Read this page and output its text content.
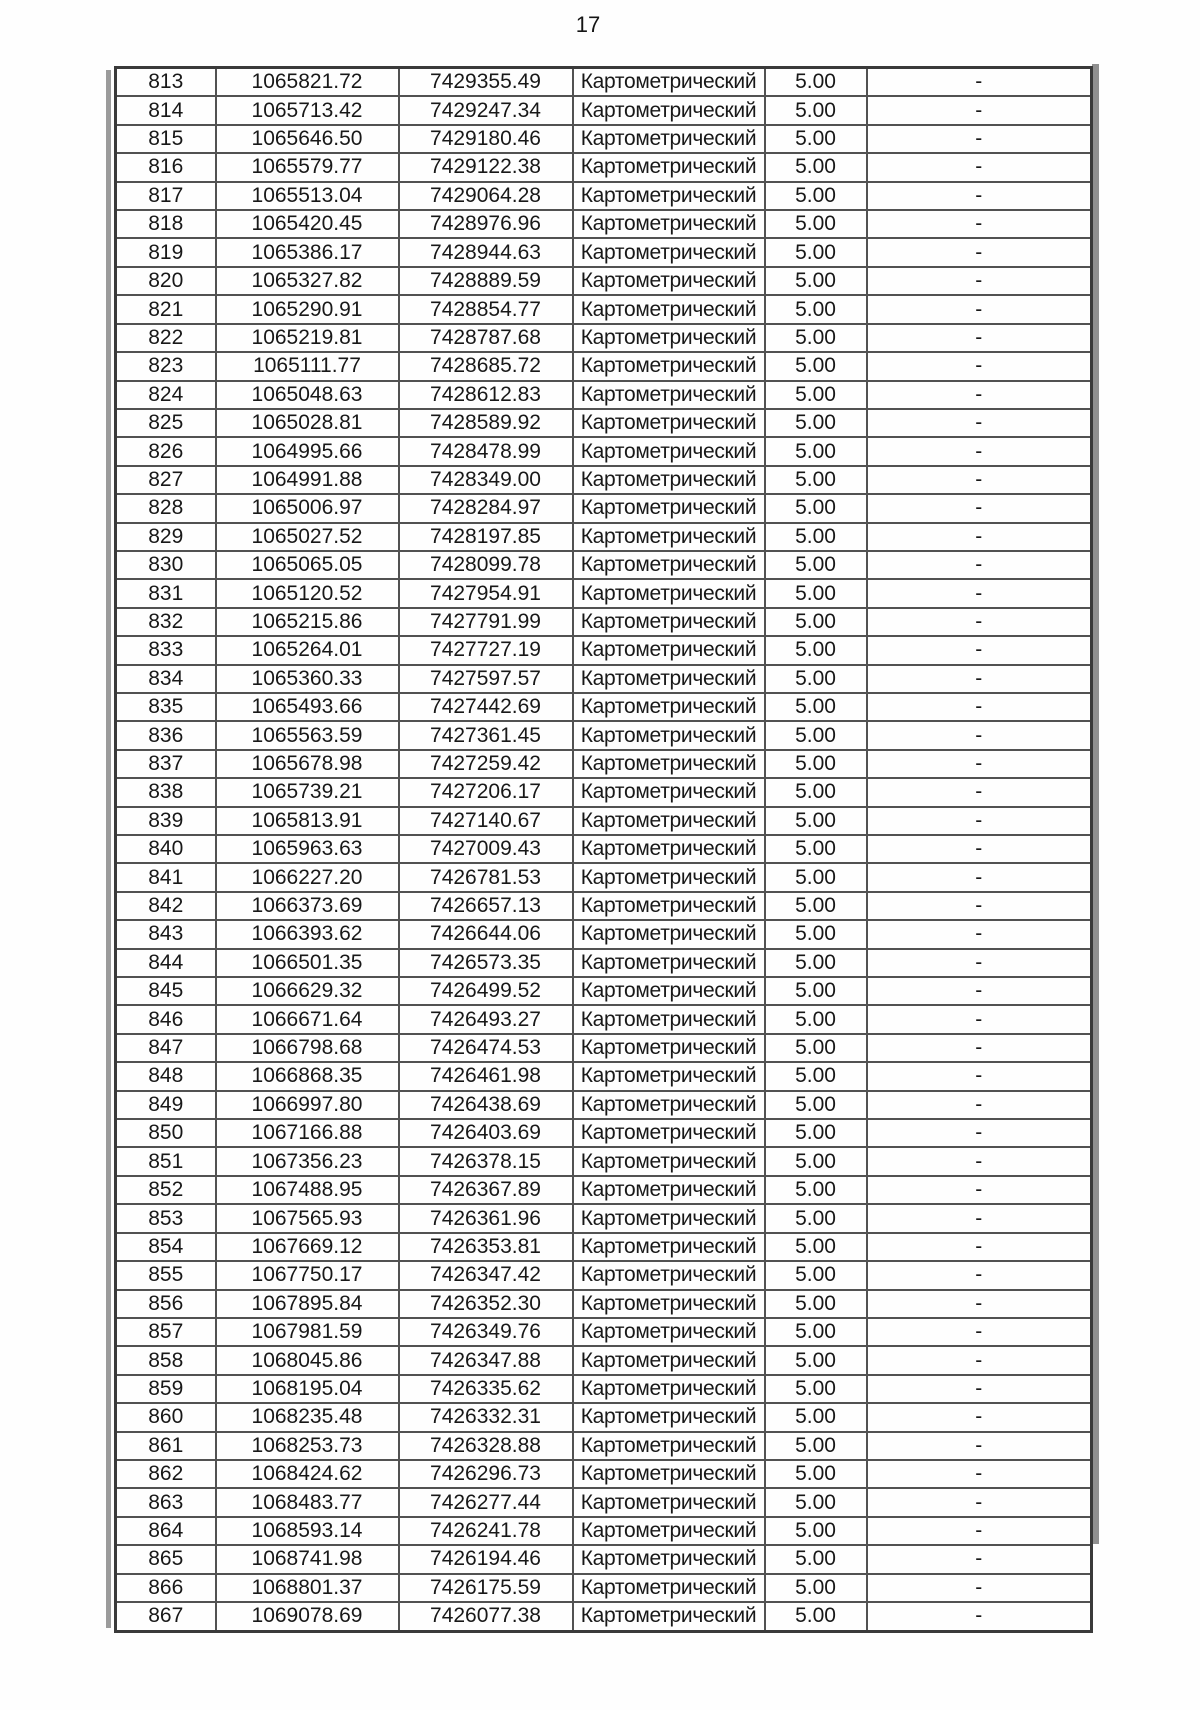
17
813	1065821.72	7429355.49	Картометрический	5.00	-
814	1065713.42	7429247.34	Картометрический	5.00	-
815	1065646.50	7429180.46	Картометрический	5.00	-
816	1065579.77	7429122.38	Картометрический	5.00	-
817	1065513.04	7429064.28	Картометрический	5.00	-
818	1065420.45	7428976.96	Картометрический	5.00	-
819	1065386.17	7428944.63	Картометрический	5.00	-
820	1065327.82	7428889.59	Картометрический	5.00	-
821	1065290.91	7428854.77	Картометрический	5.00	-
822	1065219.81	7428787.68	Картометрический	5.00	-
823	1065111.77	7428685.72	Картометрический	5.00	-
824	1065048.63	7428612.83	Картометрический	5.00	-
825	1065028.81	7428589.92	Картометрический	5.00	-
826	1064995.66	7428478.99	Картометрический	5.00	-
827	1064991.88	7428349.00	Картометрический	5.00	-
828	1065006.97	7428284.97	Картометрический	5.00	-
829	1065027.52	7428197.85	Картометрический	5.00	-
830	1065065.05	7428099.78	Картометрический	5.00	-
831	1065120.52	7427954.91	Картометрический	5.00	-
832	1065215.86	7427791.99	Картометрический	5.00	-
833	1065264.01	7427727.19	Картометрический	5.00	-
834	1065360.33	7427597.57	Картометрический	5.00	-
835	1065493.66	7427442.69	Картометрический	5.00	-
836	1065563.59	7427361.45	Картометрический	5.00	-
837	1065678.98	7427259.42	Картометрический	5.00	-
838	1065739.21	7427206.17	Картометрический	5.00	-
839	1065813.91	7427140.67	Картометрический	5.00	-
840	1065963.63	7427009.43	Картометрический	5.00	-
841	1066227.20	7426781.53	Картометрический	5.00	-
842	1066373.69	7426657.13	Картометрический	5.00	-
843	1066393.62	7426644.06	Картометрический	5.00	-
844	1066501.35	7426573.35	Картометрический	5.00	-
845	1066629.32	7426499.52	Картометрический	5.00	-
846	1066671.64	7426493.27	Картометрический	5.00	-
847	1066798.68	7426474.53	Картометрический	5.00	-
848	1066868.35	7426461.98	Картометрический	5.00	-
849	1066997.80	7426438.69	Картометрический	5.00	-
850	1067166.88	7426403.69	Картометрический	5.00	-
851	1067356.23	7426378.15	Картометрический	5.00	-
852	1067488.95	7426367.89	Картометрический	5.00	-
853	1067565.93	7426361.96	Картометрический	5.00	-
854	1067669.12	7426353.81	Картометрический	5.00	-
855	1067750.17	7426347.42	Картометрический	5.00	-
856	1067895.84	7426352.30	Картометрический	5.00	-
857	1067981.59	7426349.76	Картометрический	5.00	-
858	1068045.86	7426347.88	Картометрический	5.00	-
859	1068195.04	7426335.62	Картометрический	5.00	-
860	1068235.48	7426332.31	Картометрический	5.00	-
861	1068253.73	7426328.88	Картометрический	5.00	-
862	1068424.62	7426296.73	Картометрический	5.00	-
863	1068483.77	7426277.44	Картометрический	5.00	-
864	1068593.14	7426241.78	Картометрический	5.00	-
865	1068741.98	7426194.46	Картометрический	5.00	-
866	1068801.37	7426175.59	Картометрический	5.00	-
867	1069078.69	7426077.38	Картометрический	5.00	-
